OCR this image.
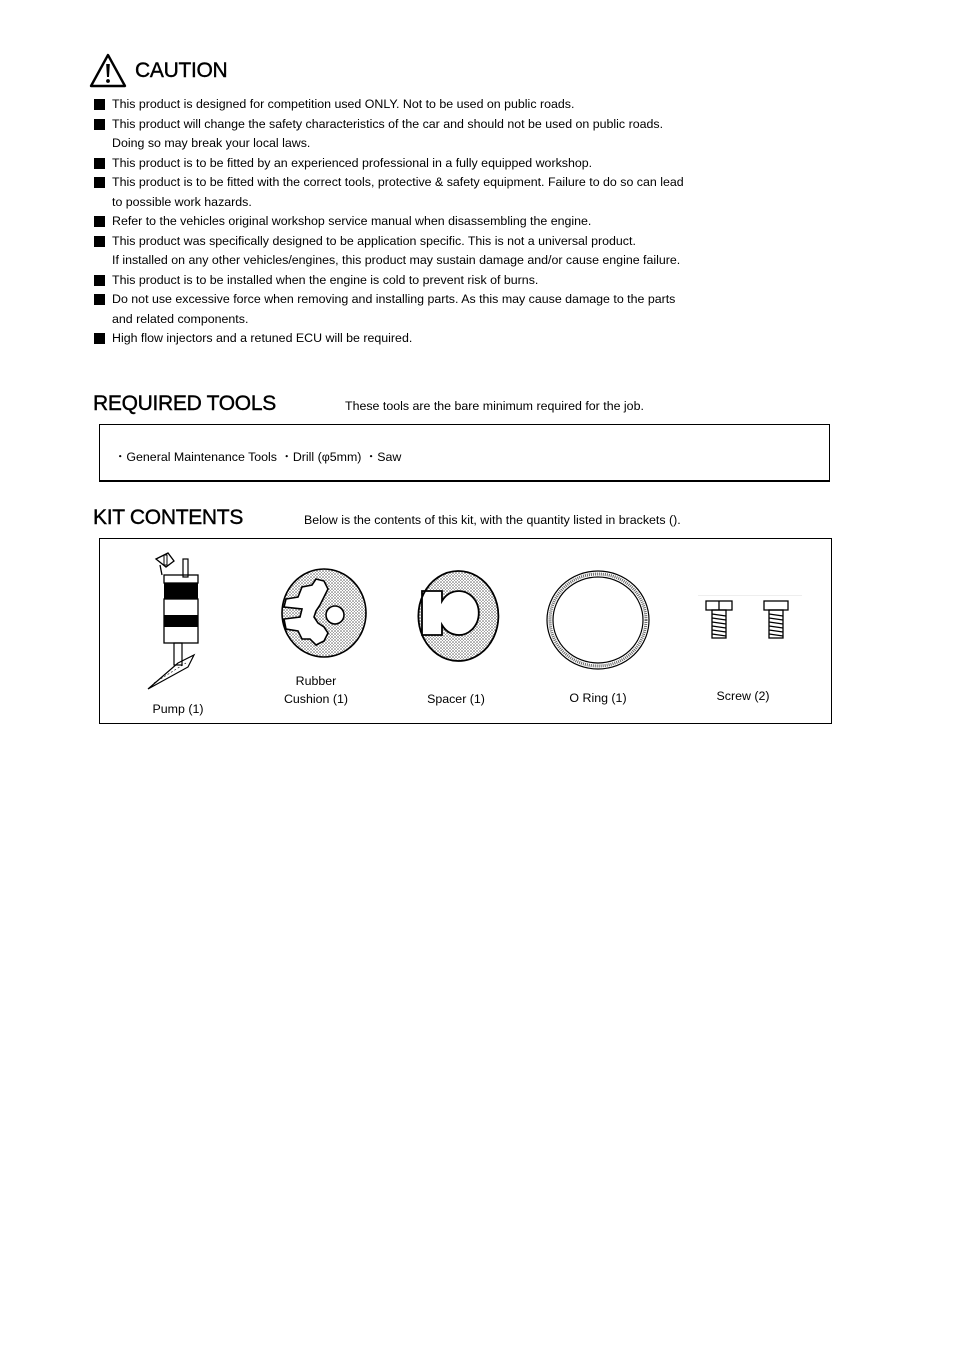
CAUTION
This product is designed for competition used ONLY. Not to be used on public roads.
This product will change the safety characteristics of the car and should not be used on public roads.
Doing so may break your local laws.
This product is to be fitted by an experienced professional in a fully equipped workshop.
This product is to be fitted with the correct tools, protective & safety equipment. Failure to do so can lead
to possible work hazards.
Refer to the vehicles original workshop service manual when disassembling the engine.
This product was specifically designed to be application specific. This is not a universal product.
If installed on any other vehicles/engines, this product may sustain damage and/or cause engine failure.
This product is to be installed when the engine is cold to prevent risk of burns.
Do not use excessive force when removing and installing parts. As this may cause damage to the parts
and related components.
High flow injectors and a retuned ECU will be required.
REQUIRED TOOLS	These tools are the bare minimum required for the job.
・General Maintenance Tools ・Drill (φ5mm) ・Saw
KIT CONTENTS	Below is the contents of this kit, with the quantity listed in brackets ().
Pump (1)
Rubber
Cushion (1)	Spacer (1)	O Ring (1)	Screw (2)
